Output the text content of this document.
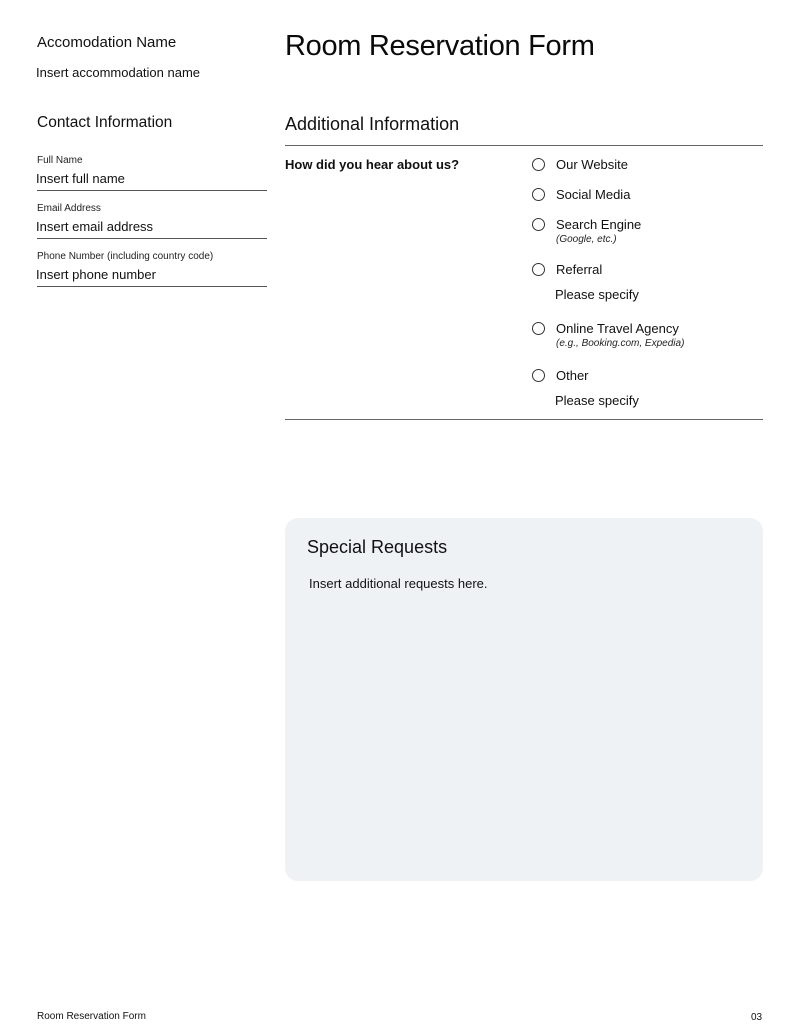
Accomodation Name
Insert accommodation name
Contact Information
Full Name
Insert full name
Email Address
Insert email address
Phone Number (including country code)
Insert phone number
Room Reservation Form
Additional Information
How did you hear about us?	Our Website
Social Media
Search Engine
(Google, etc.)
Referral
Please specify
Online Travel Agency
(e.g., Booking.com, Expedia)
Other
Please specify
Special Requests
Insert additional requests here.
Room Reservation Form	03
